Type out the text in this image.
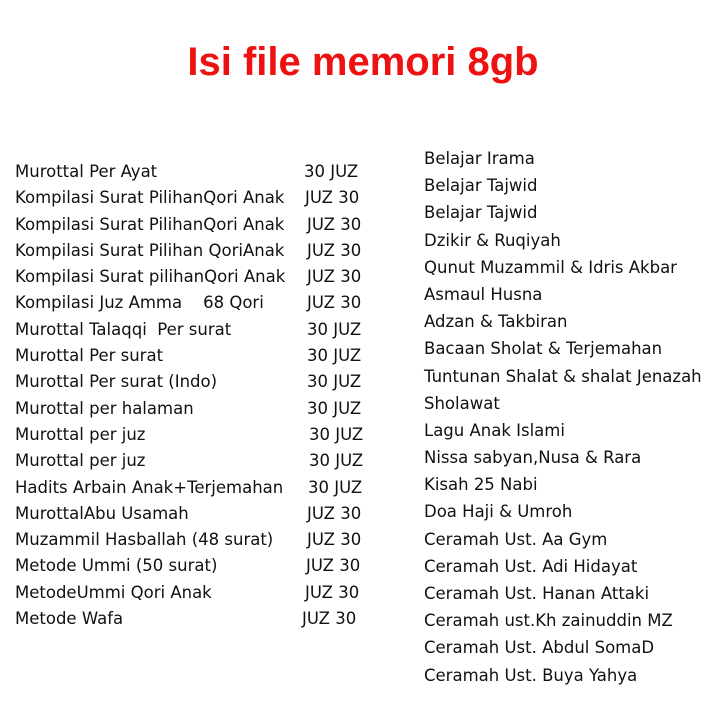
Isi file memori 8gb
Murottal Per Ayat	30 JUZ
Kompilasi Surat PilihanQori Anak JUZ 30
Kompilasi Surat PilihanQori Anak JUZ 30
Kompilasi Surat Pilihan QoriAnak JUZ 30
Kompilasi Surat pilihanQori Anak JUZ 30
Kompilasi Juz Amma    68 Qori	JUZ 30
Murottal Talaqqi  Per surat	30 JUZ
Murottal Per surat	30 JUZ
Murottal Per surat (Indo)	30 JUZ
Murottal per halaman	30 JUZ
Murottal per juz	30 JUZ
Murottal per juz	30 JUZ
Hadits Arbain Anak+Terjemahan 30 JUZ
MurottalAbu Usamah	JUZ 30
Muzammil Hasballah (48 surat) JUZ 30
Metode Ummi (50 surat)	JUZ 30
MetodeUmmi Qori Anak	JUZ 30
Metode Wafa	JUZ 30
Belajar Irama
Belajar Tajwid
Belajar Tajwid
Dzikir & Ruqiyah
Qunut Muzammil & Idris Akbar
Asmaul Husna
Adzan & Takbiran
Bacaan Sholat & Terjemahan
Tuntunan Shalat & shalat Jenazah
Sholawat
Lagu Anak Islami
Nissa sabyan,Nusa & Rara
Kisah 25 Nabi
Doa Haji & Umroh
Ceramah Ust. Aa Gym
Ceramah Ust. Adi Hidayat
Ceramah Ust. Hanan Attaki
Ceramah ust.Kh zainuddin MZ
Ceramah Ust. Abdul SomaD
Ceramah Ust. Buya Yahya
